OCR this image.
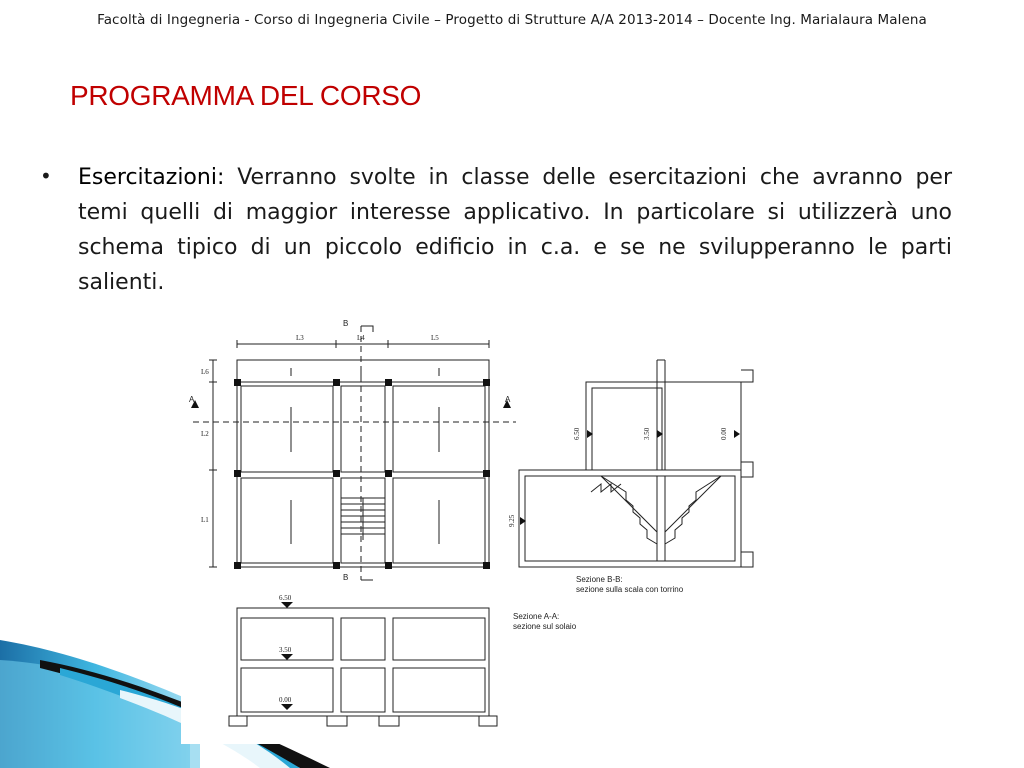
Facoltà di Ingegneria - Corso di Ingegneria Civile – Progetto di Strutture A/A 2013-2014 – Docente Ing. Marialaura Malena
PROGRAMMA DEL CORSO
• Esercitazioni: Verranno svolte in classe delle esercitazioni che avranno per temi quelli di maggior interesse applicativo. In particolare si utilizzerà uno schema tipico di un piccolo edificio in c.a. e se ne svilupperanno le parti salienti.
B
B
A	A
L3	L4	L5
L6
L2
L1
6.50	3.50	0.00
9.25
Sezione B-B:
sezione sulla scala con torrino
6.50
3.50
0.00
Sezione A-A:
sezione sul solaio
